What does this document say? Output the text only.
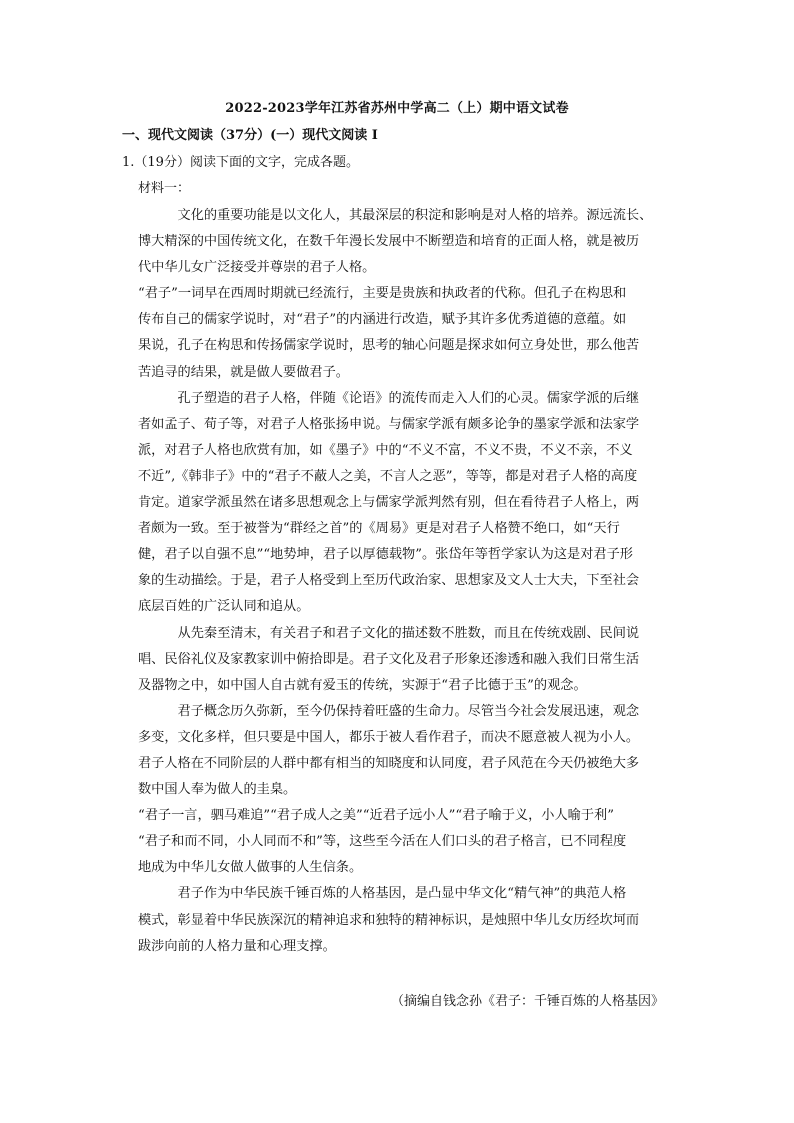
2022-2023学年江苏省苏州中学高二（上）期中语文试卷
一、现代文阅读（37分）(一）现代文阅读 I
1.（19分）阅读下面的文字，完成各题。
材料一：
　　　文化的重要功能是以文化人，其最深层的积淀和影响是对人格的培养。源远流长、
博大精深的中国传统文化，在数千年漫长发展中不断塑造和培育的正面人格，就是被历
代中华儿女广泛接受并尊崇的君子人格。
“君子”一词早在西周时期就已经流行，主要是贵族和执政者的代称。但孔子在构思和
传布自己的儒家学说时，对“君子”的内涵进行改造，赋予其许多优秀道德的意蕴。如
果说，孔子在构思和传扬儒家学说时，思考的轴心问题是探求如何立身处世，那么他苦
苦追寻的结果，就是做人要做君子。
　　　孔子塑造的君子人格，伴随《论语》的流传而走入人们的心灵。儒家学派的后继
者如孟子、荀子等，对君子人格张扬申说。与儒家学派有颇多论争的墨家学派和法家学
派，对君子人格也欣赏有加，如《墨子》中的“不义不富，不义不贵，不义不亲，不义
不近”,《韩非子》中的“君子不蔽人之美，不言人之恶”，等等，都是对君子人格的高度
肯定。道家学派虽然在诸多思想观念上与儒家学派判然有别，但在看待君子人格上，两
者颇为一致。至于被誉为“群经之首”的《周易》更是对君子人格赞不绝口，如“天行
健，君子以自强不息”“地势坤，君子以厚德载物”。张岱年等哲学家认为这是对君子形
象的生动描绘。于是，君子人格受到上至历代政治家、思想家及文人士大夫，下至社会
底层百姓的广泛认同和追从。
　　　从先秦至清末，有关君子和君子文化的描述数不胜数，而且在传统戏剧、民间说
唱、民俗礼仪及家教家训中俯拾即是。君子文化及君子形象还渗透和融入我们日常生活
及器物之中，如中国人自古就有爱玉的传统，实源于“君子比德于玉”的观念。
　　　君子概念历久弥新，至今仍保持着旺盛的生命力。尽管当今社会发展迅速，观念
多变，文化多样，但只要是中国人，都乐于被人看作君子，而决不愿意被人视为小人。
君子人格在不同阶层的人群中都有相当的知晓度和认同度，君子风范在今天仍被绝大多
数中国人奉为做人的圭臬。
“君子一言，驷马难追”“君子成人之美”“近君子远小人”“君子喻于义，小人喻于利”
“君子和而不同，小人同而不和”等，这些至今活在人们口头的君子格言，已不同程度
地成为中华儿女做人做事的人生信条。
　　　君子作为中华民族千锤百炼的人格基因，是凸显中华文化“精气神”的典范人格
模式，彰显着中华民族深沉的精神追求和独特的精神标识，是烛照中华儿女历经坎坷而
跋涉向前的人格力量和心理支撑。
（摘编自钱念孙《君子：千锤百炼的人格基因》
